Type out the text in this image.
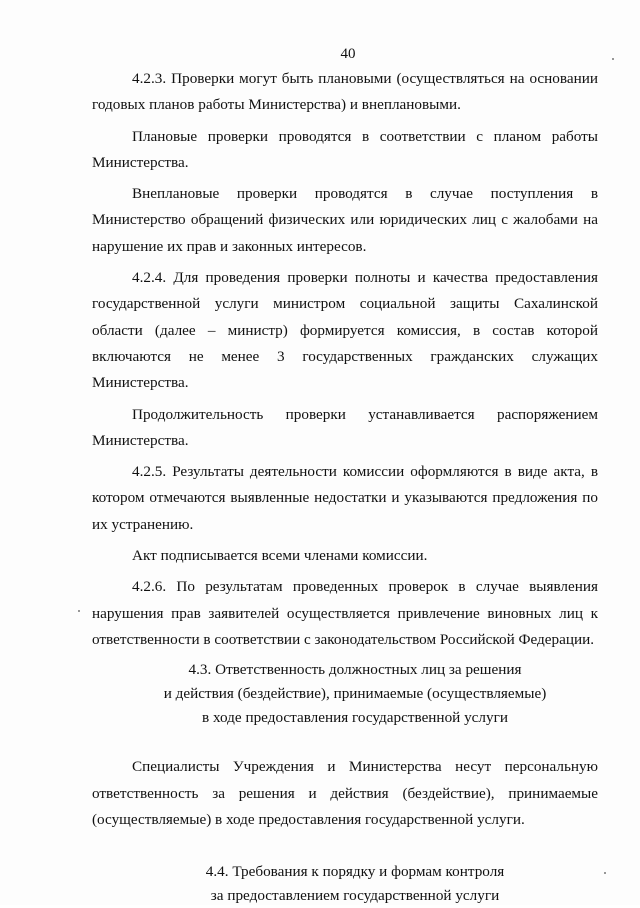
40

4.2.3. Проверки могут быть плановыми (осуществляться на основании годовых планов работы Министерства) и внеплановыми.

Плановые проверки проводятся в соответствии с планом работы Министерства.

Внеплановые проверки проводятся в случае поступления в Министерство обращений физических или юридических лиц с жалобами на нарушение их прав и законных интересов.

4.2.4. Для проведения проверки полноты и качества предоставления государственной услуги министром социальной защиты Сахалинской области (далее – министр) формируется комиссия, в состав которой включаются не менее 3 государственных гражданских служащих Министерства.

Продолжительность проверки устанавливается распоряжением Министерства.

4.2.5. Результаты деятельности комиссии оформляются в виде акта, в котором отмечаются выявленные недостатки и указываются предложения по их устранению.

Акт подписывается всеми членами комиссии.

4.2.6. По результатам проведенных проверок в случае выявления нарушения прав заявителей осуществляется привлечение виновных лиц к ответственности в соответствии с законодательством Российской Федерации.

4.3. Ответственность должностных лиц за решения
и действия (бездействие), принимаемые (осуществляемые)
в ходе предоставления государственной услуги

Специалисты Учреждения и Министерства несут персональную ответственность за решения и действия (бездействие), принимаемые (осуществляемые) в ходе предоставления государственной услуги.

4.4. Требования к порядку и формам контроля
за предоставлением государственной услуги
